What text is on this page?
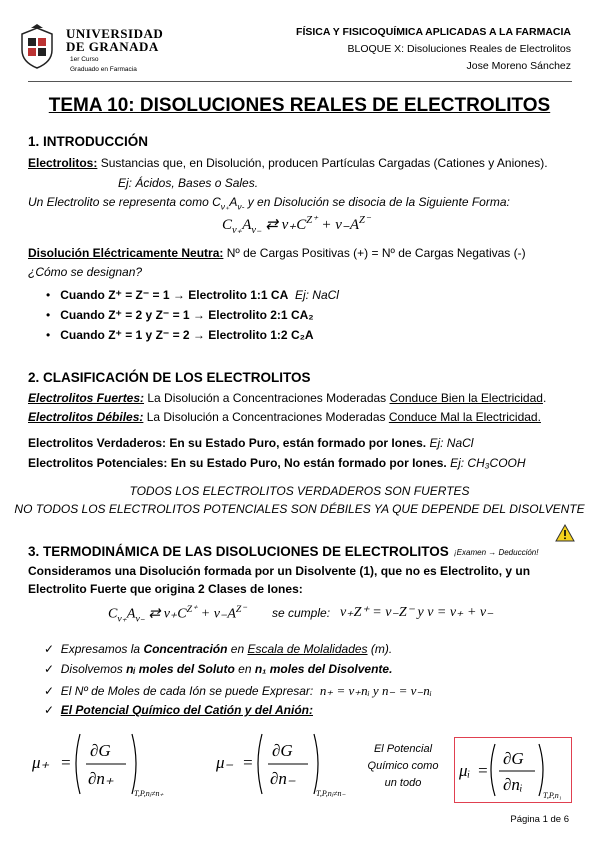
UNIVERSIDAD
DE GRANADA
1er Curso
Graduado en Farmacia
FÍSICA Y FISICOQUÍMICA APLICADAS A LA FARMACIA
BLOQUE X: Disoluciones Reales de Electrolitos
Jose Moreno Sánchez
TEMA 10: DISOLUCIONES REALES DE ELECTROLITOS
1. INTRODUCCIÓN
Electrolitos: Sustancias que, en Disolución, producen Partículas Cargadas (Cationes y Aniones).
Ej: Ácidos, Bases o Sales.
Un Electrolito se representa como $C_{\nu_+}A_{\nu-}$ y en Disolución se disocia de la Siguiente Forma:
$C_{\nu_+}A_{\nu_-}$ ⇄ $\nu_+C^{Z^+} + \nu_-A^{Z^-}$
Disolución Eléctricamente Neutra: Nº de Cargas Positivas (+) = Nº de Cargas Negativas (-)
¿Cómo se designan?
• Cuando Z⁺ = Z⁻ = 1 → Electrolito 1:1 CA Ej: NaCl
• Cuando Z⁺ = 2 y Z⁻ = 1 → Electrolito 2:1 CA₂
• Cuando Z⁺ = 1 y Z⁻ = 2 → Electrolito 1:2 C₂A
2. CLASIFICACIÓN DE LOS ELECTROLITOS
Electrolitos Fuertes: La Disolución a Concentraciones Moderadas Conduce Bien la Electricidad.
Electrolitos Débiles: La Disolución a Concentraciones Moderadas Conduce Mal la Electricidad.
Electrolitos Verdaderos: En su Estado Puro, están formado por Iones. Ej: NaCl
Electrolitos Potenciales: En su Estado Puro, No están formado por Iones. Ej: CH₃COOH
TODOS LOS ELECTROLITOS VERDADEROS SON FUERTES
NO TODOS LOS ELECTROLITOS POTENCIALES SON DÉBILES YA QUE DEPENDE DEL DISOLVENTE
3. TERMODINÁMICA DE LAS DISOLUCIONES DE ELECTROLITOS ¡Examen → Deducción!
Consideramos una Disolución formada por un Disolvente (1), que no es Electrolito, y un
Electrolito Fuerte que origina 2 Clases de Iones:
$C_{\nu_+}A_{\nu_-}$ ⇄ $\nu_+C^{Z^+} + \nu_-A^{Z^-}$ se cumple: ν₊Z⁺ = ν₋Z⁻ y ν = ν₊ + ν₋
✓ Expresamos la Concentración en Escala de Molalidades (m).
✓ Disolvemos nᵢ moles del Soluto en n₁ moles del Disolvente.
✓ El Nº de Moles de cada Ión se puede Expresar:  n₊ = ν₊nᵢ y n₋ = ν₋nᵢ
✓ El Potencial Químico del Catión y del Anión:
μ₊ =
∂G
∂n₊
T,P,nⱼ≠n₊
μ₋ =
∂G
∂n₋
T,P,nⱼ≠n₋
El Potencial
Químico como
un todo
μᵢ =
∂G
∂nᵢ
T,P,n₁
Página 1 de 6
